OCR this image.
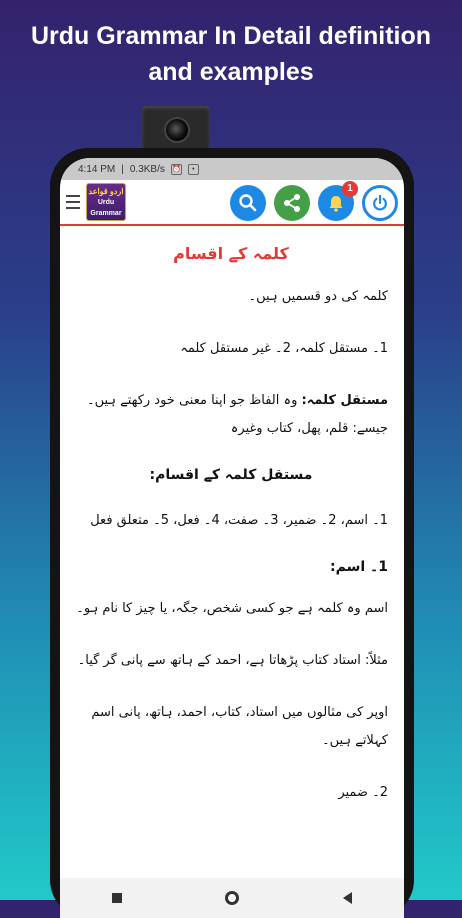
Urdu Grammar In Detail definition
and examples
4:14 PM | 0.3KB/s ⏰	•
اردو قواعد
Urdu Grammar
1
کلمہ کے اقسام

کلمہ کی دو قسمیں ہیں۔

1۔ مستقل کلمہ، 2۔ غیر مستقل کلمہ

مستقل کلمہ: وہ الفاظ جو اپنا معنی خود رکھتے ہیں۔ جیسے: قلم، پھل، کتاب وغیرہ

مستقل کلمہ کے اقسام:

1۔ اسم، 2۔ ضمیر، 3۔ صفت، 4۔ فعل، 5۔ متعلق فعل

1۔ اسم:

اسم وہ کلمہ ہے جو کسی شخص، جگہ، یا چیز کا نام ہو۔

مثلاً: استاد کتاب پڑھاتا ہے، احمد کے ہاتھ سے پانی گر گیا۔

اوپر کی مثالوں میں استاد، کتاب، احمد، ہاتھ، پانی اسم کہلاتے ہیں۔

2۔ ضمیر
